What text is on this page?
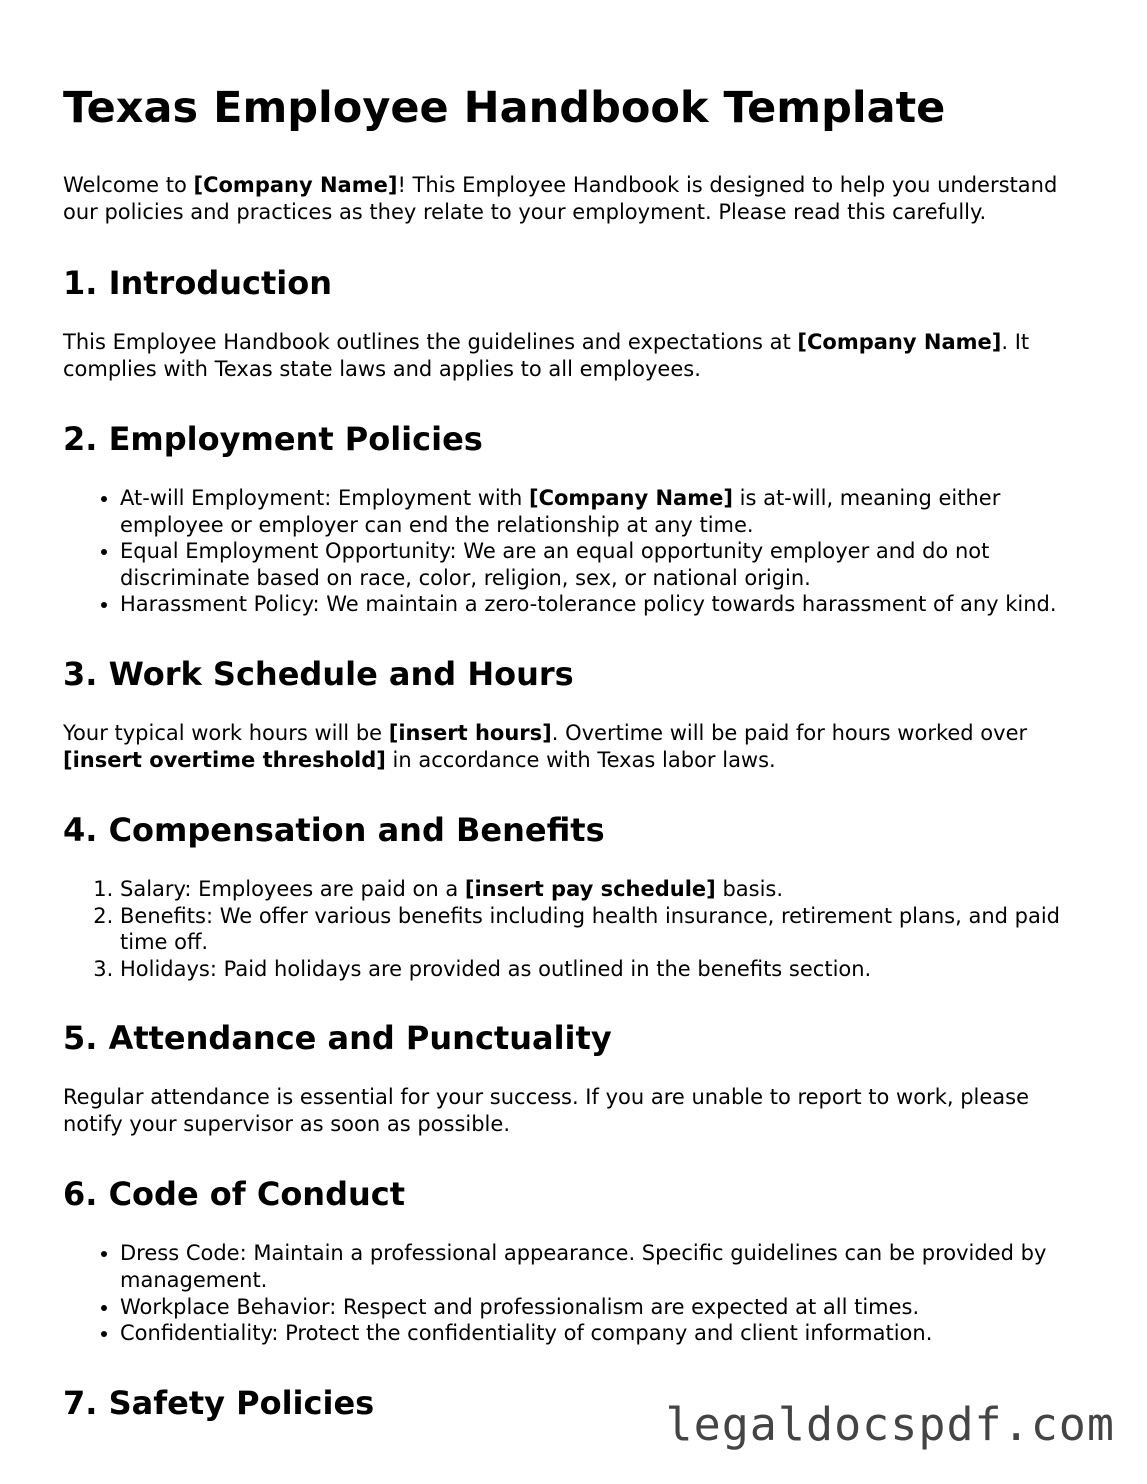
Texas Employee Handbook Template

Welcome to [Company Name]! This Employee Handbook is designed to help you understand our policies and practices as they relate to your employment. Please read this carefully.

1. Introduction

This Employee Handbook outlines the guidelines and expectations at [Company Name]. It complies with Texas state laws and applies to all employees.

2. Employment Policies
• At-will Employment: Employment with [Company Name] is at-will, meaning either employee or employer can end the relationship at any time.
• Equal Employment Opportunity: We are an equal opportunity employer and do not discriminate based on race, color, religion, sex, or national origin.
• Harassment Policy: We maintain a zero-tolerance policy towards harassment of any kind.
3. Work Schedule and Hours

Your typical work hours will be [insert hours]. Overtime will be paid for hours worked over [insert overtime threshold] in accordance with Texas labor laws.

4. Compensation and Benefits
1. Salary: Employees are paid on a [insert pay schedule] basis.
2. Benefits: We offer various benefits including health insurance, retirement plans, and paid time off.
3. Holidays: Paid holidays are provided as outlined in the benefits section.
5. Attendance and Punctuality

Regular attendance is essential for your success. If you are unable to report to work, please notify your supervisor as soon as possible.

6. Code of Conduct
• Dress Code: Maintain a professional appearance. Specific guidelines can be provided by management.
• Workplace Behavior: Respect and professionalism are expected at all times.
• Confidentiality: Protect the confidentiality of company and client information.
7. Safety Policies	legaldocspdf.com
